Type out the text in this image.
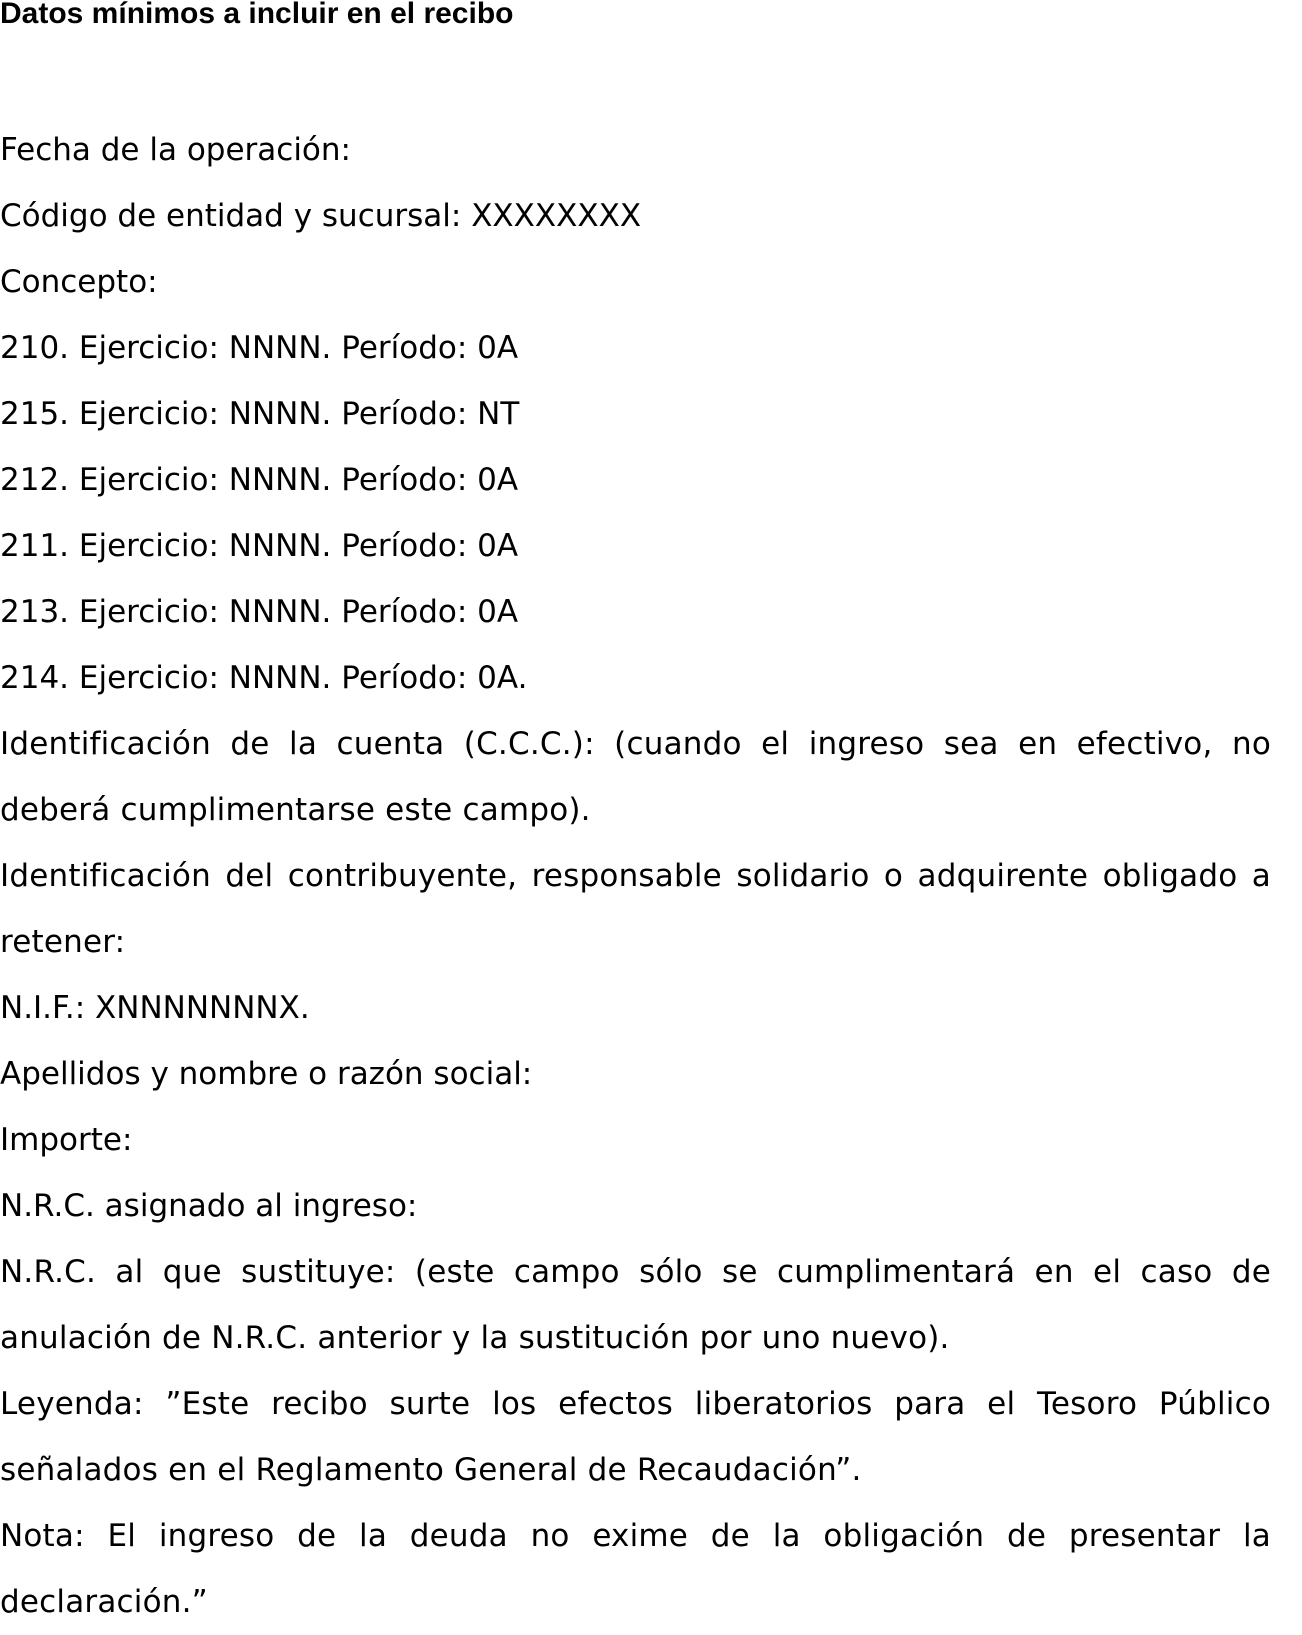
Datos mínimos a incluir en el recibo

Fecha de la operación:

Código de entidad y sucursal: XXXXXXXX

Concepto:

210. Ejercicio: NNNN. Período: 0A

215. Ejercicio: NNNN. Período: NT

212. Ejercicio: NNNN. Período: 0A

211. Ejercicio: NNNN. Período: 0A

213. Ejercicio: NNNN. Período: 0A

214. Ejercicio: NNNN. Período: 0A.

Identificación de la cuenta (C.C.C.): (cuando el ingreso sea en efectivo, no deberá cumplimentarse este campo).

Identificación del contribuyente, responsable solidario o adquirente obligado a retener:

N.I.F.: XNNNNNNNX.

Apellidos y nombre o razón social:

Importe:

N.R.C. asignado al ingreso:

N.R.C. al que sustituye: (este campo sólo se cumplimentará en el caso de anulación de N.R.C. anterior y la sustitución por uno nuevo).

Leyenda: ”Este recibo surte los efectos liberatorios para el Tesoro Público señalados en el Reglamento General de Recaudación”.

Nota: El ingreso de la deuda no exime de la obligación de presentar la declaración.”
